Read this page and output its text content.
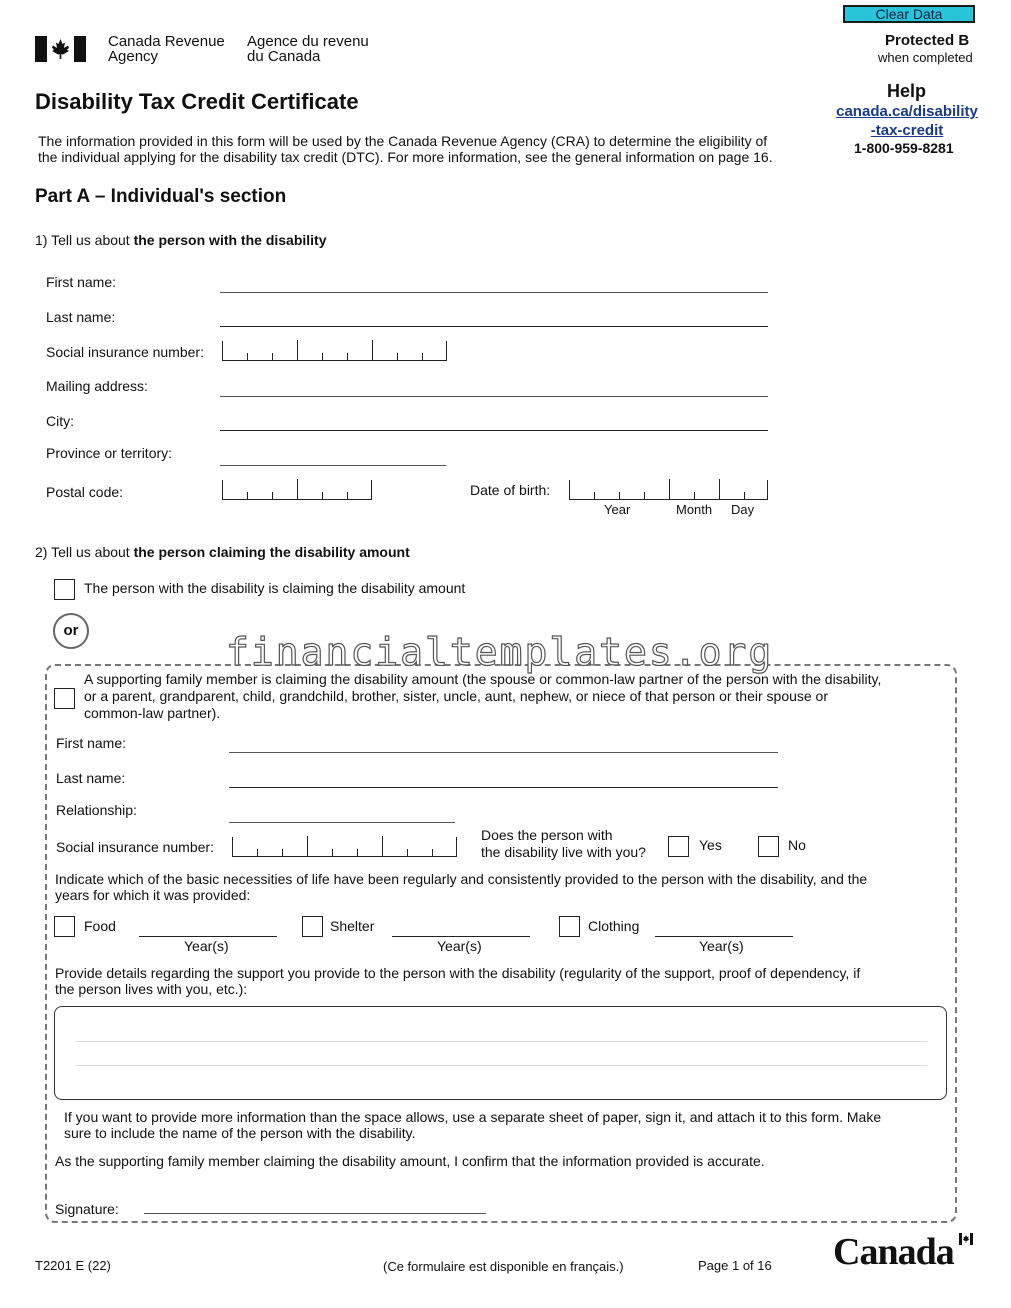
Clear Data
Canada Revenue
Agency
Agence du revenu
du Canada
Protected B
when completed
Disability Tax Credit Certificate	Help
canada.ca/disability
-tax-credit
1-800-959-8281
The information provided in this form will be used by the Canada Revenue Agency (CRA) to determine the eligibility of
the individual applying for the disability tax credit (DTC). For more information, see the general information on page 16.
Part A – Individual's section
1) Tell us about the person with the disability
First name:
Last name:
Social insurance number:
Mailing address:
City:
Province or territory:
Postal code:	Date of birth:
Year	Month Day
2) Tell us about the person claiming the disability amount
The person with the disability is claiming the disability amount
or	financialtemplates.org
A supporting family member is claiming the disability amount (the spouse or common-law partner of the person with the disability,
or a parent, grandparent, child, grandchild, brother, sister, uncle, aunt, nephew, or niece of that person or their spouse or
common-law partner).
First name:
Last name:
Relationship:
Social insurance number:
Does the person with
the disability live with you?	Yes	No
Indicate which of the basic necessities of life have been regularly and consistently provided to the person with the disability, and the
years for which it was provided:
Food
Year(s)
Shelter
Year(s)
Clothing
Year(s)
Provide details regarding the support you provide to the person with the disability (regularity of the support, proof of dependency, if
the person lives with you, etc.):
If you want to provide more information than the space allows, use a separate sheet of paper, sign it, and attach it to this form. Make
sure to include the name of the person with the disability.
As the supporting family member claiming the disability amount, I confirm that the information provided is accurate.
Signature:
T2201 E (22)	(Ce formulaire est disponible en français.)	Page 1 of 16 Canada
